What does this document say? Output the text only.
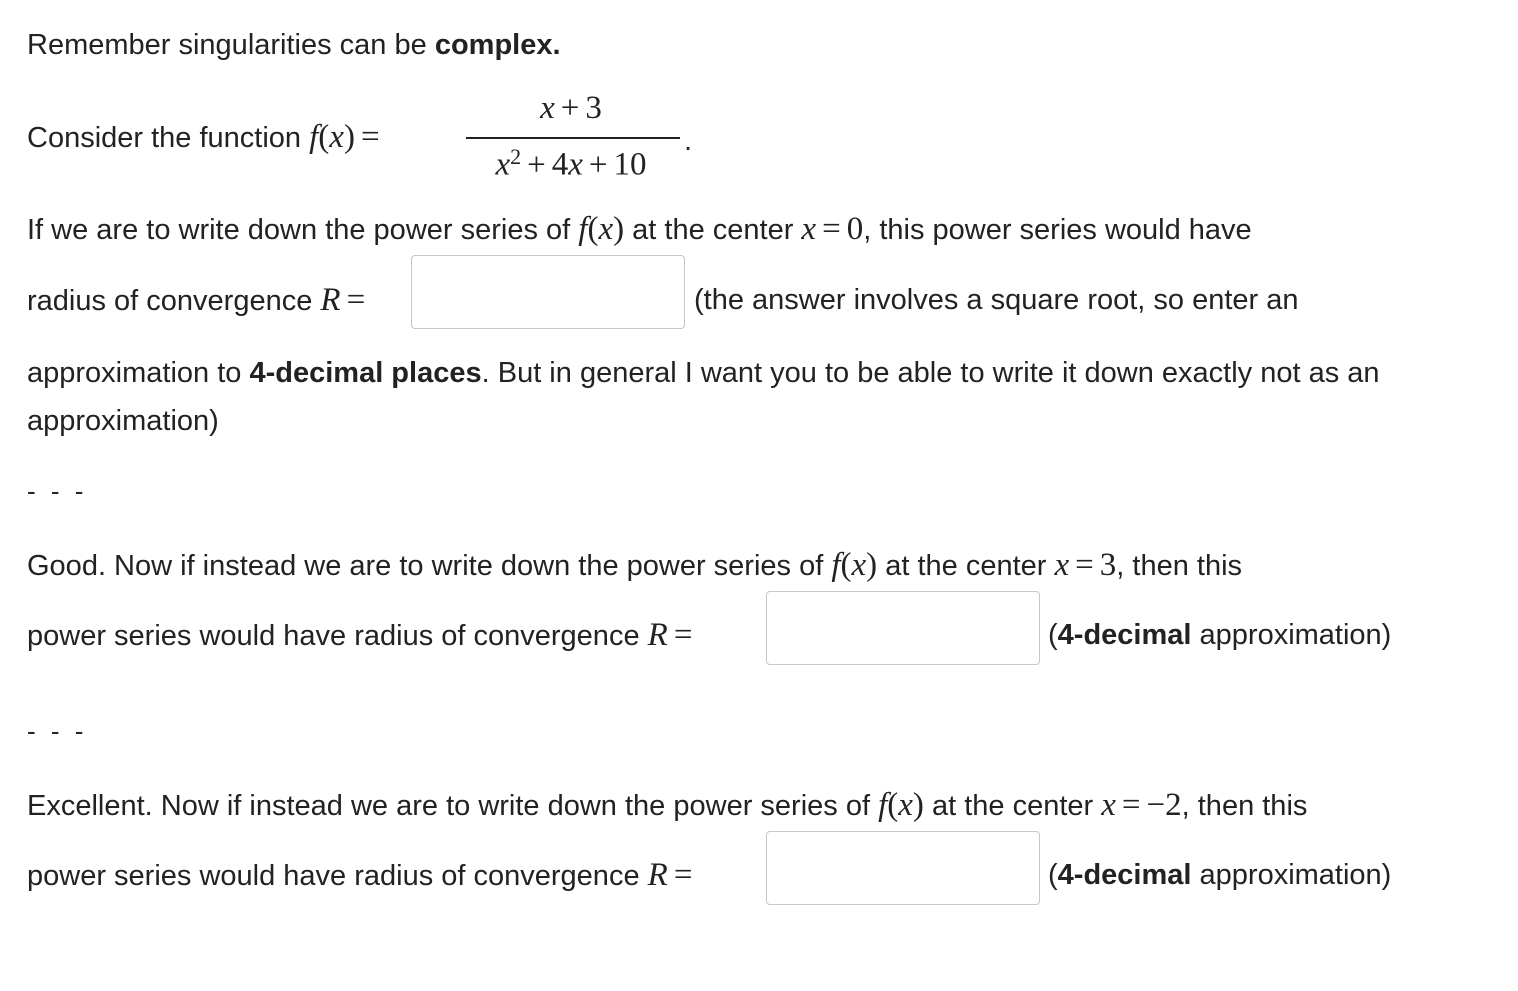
Remember singularities can be complex.
Consider the function f(x) =
x + 3
$x^2 + 4x + 10$
.
If we are to write down the power series of f(x) at the center x = 0, this power series would have
radius of convergence R =	(the answer involves a square root, so enter an
approximation to 4-decimal places. But in general I want you to be able to write it down exactly not as an
approximation)
- - -
Good. Now if instead we are to write down the power series of f(x) at the center x = 3, then this
power series would have radius of convergence R =	(4-decimal approximation)
- - -
Excellent. Now if instead we are to write down the power series of f(x) at the center x = −2, then this
power series would have radius of convergence R =	(4-decimal approximation)
